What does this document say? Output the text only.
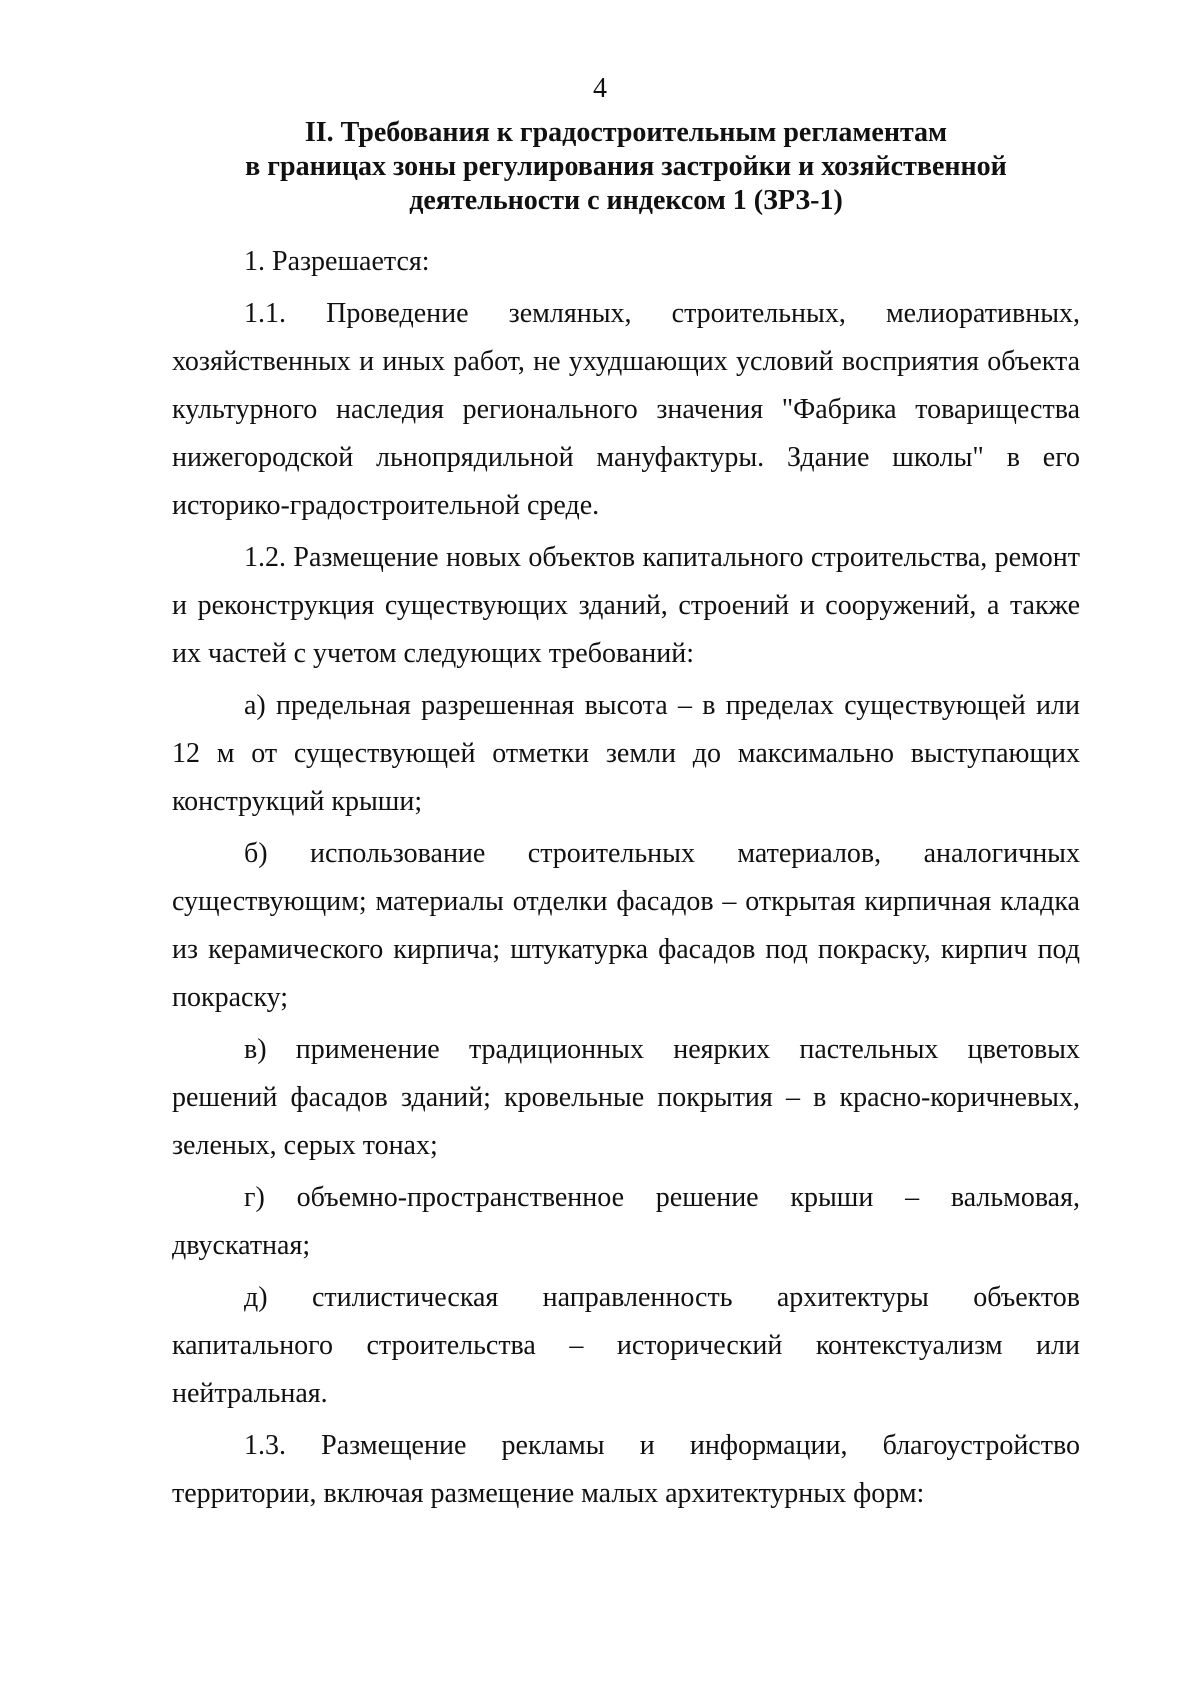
4
II. Требования к градостроительным регламентам
в границах зоны регулирования застройки и хозяйственной
деятельности с индексом 1 (ЗРЗ-1)

1. Разрешается:

1.1. Проведение земляных, строительных, мелиоративных, хозяйственных и иных работ, не ухудшающих условий восприятия объекта культурного наследия регионального значения "Фабрика товарищества нижегородской льнопрядильной мануфактуры. Здание школы" в его историко-градостроительной среде.

1.2. Размещение новых объектов капитального строительства, ремонт и реконструкция существующих зданий, строений и сооружений, а также их частей с учетом следующих требований:

а) предельная разрешенная высота – в пределах существующей или 12 м от существующей отметки земли до максимально выступающих конструкций крыши;

б) использование строительных материалов, аналогичных существующим; материалы отделки фасадов – открытая кирпичная кладка из керамического кирпича; штукатурка фасадов под покраску, кирпич под покраску;

в) применение традиционных неярких пастельных цветовых решений фасадов зданий; кровельные покрытия – в красно-коричневых, зеленых, серых тонах;

г) объемно-пространственное решение крыши – вальмовая, двускатная;

д) стилистическая направленность архитектуры объектов капитального строительства – исторический контекстуализм или нейтральная.

1.3. Размещение рекламы и информации, благоустройство территории, включая размещение малых архитектурных форм:
